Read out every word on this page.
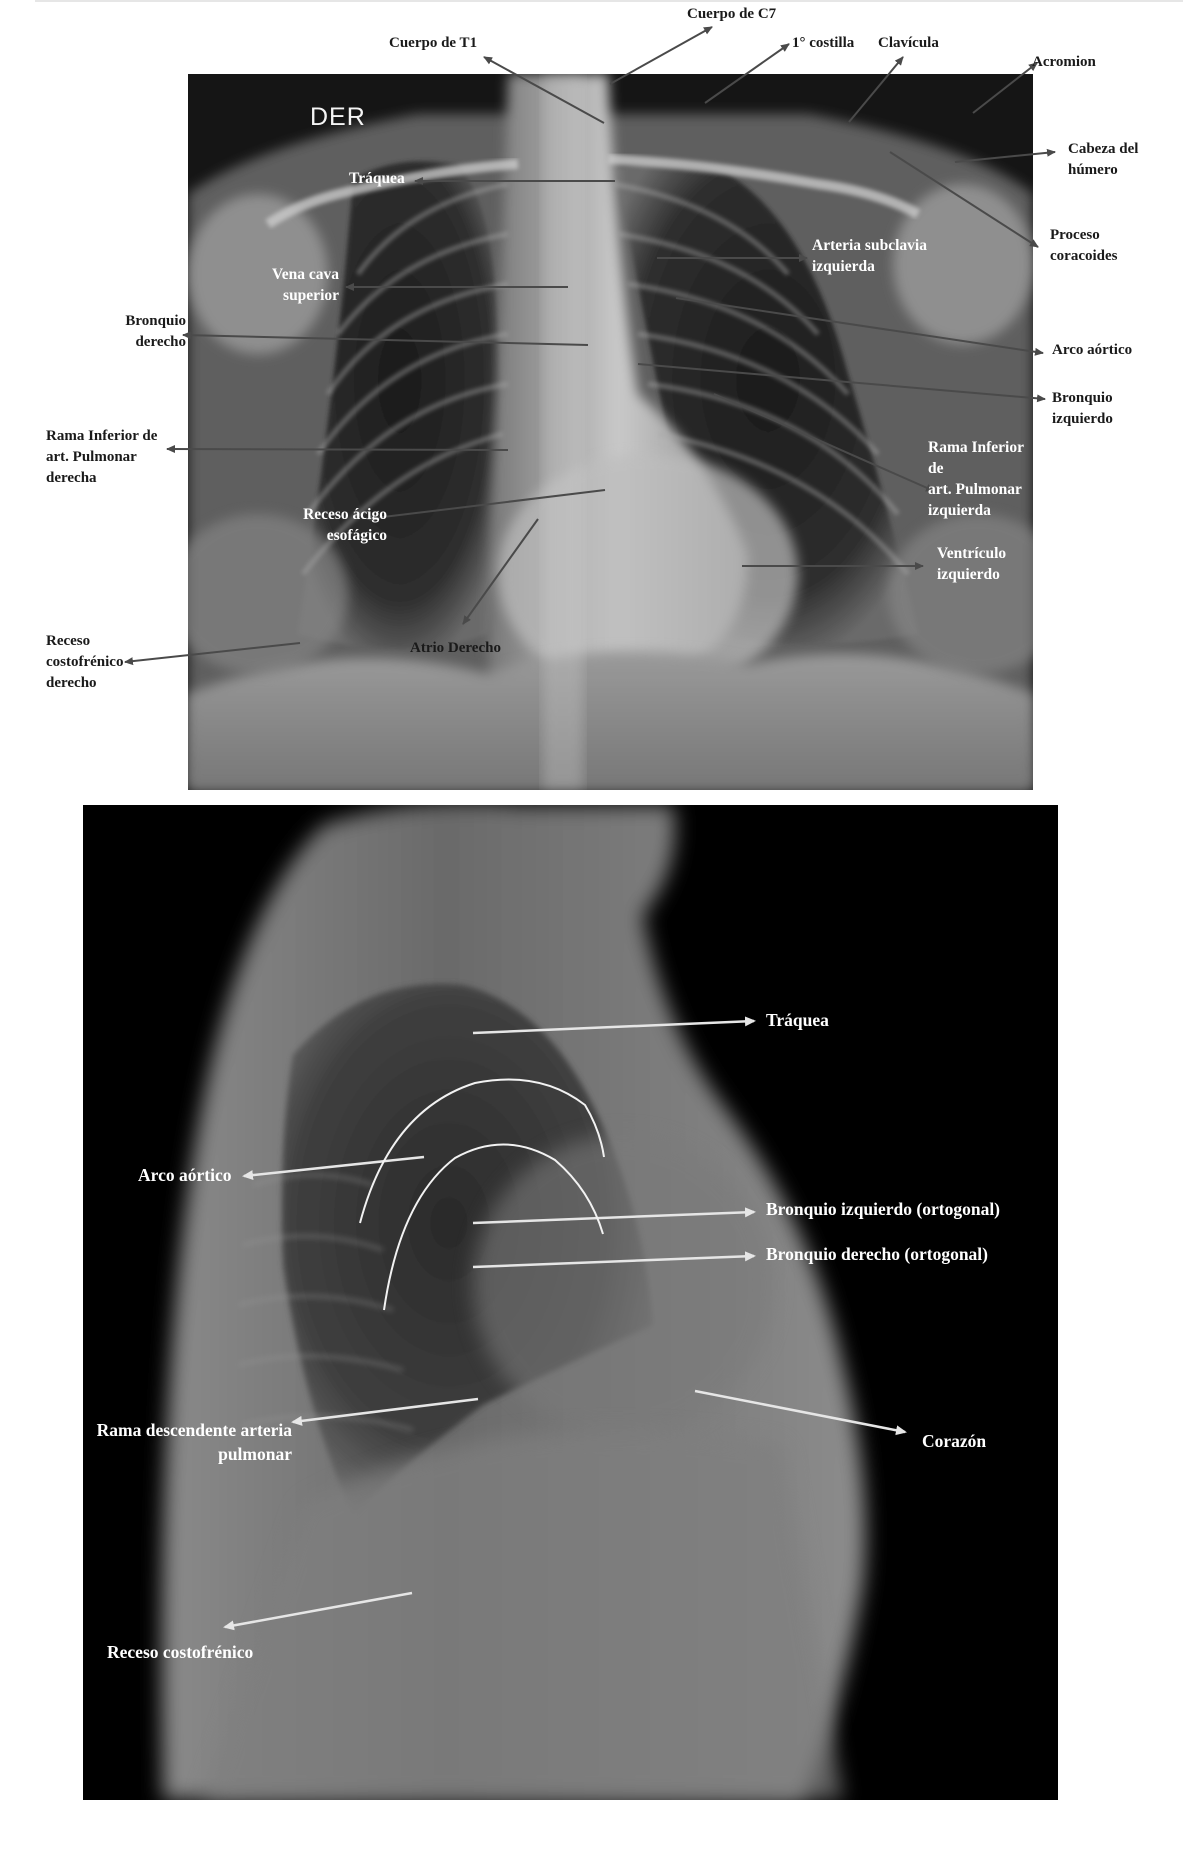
DER
Cuerpo de C7
Cuerpo de T1	1° costilla Clavícula
Acromion
Cabeza del
húmero
Proceso
coracoides
Tráquea
Arteria subclavia
izquierda
Vena cava
superior
Bronquio
derecho	Arco aórtico
Bronquio
izquierdo
Rama Inferior de
art. Pulmonar
derecha
Rama Inferior de
art. Pulmonar
izquierda
Receso ácigo
esofágico
Ventrículo
izquierdo
Receso
costofrénico
derecho
Atrio Derecho
Tráquea
Arco aórtico
Bronquio izquierdo (ortogonal)
Bronquio derecho (ortogonal)
Rama descendente arteria
pulmonar
Corazón
Receso costofrénico
